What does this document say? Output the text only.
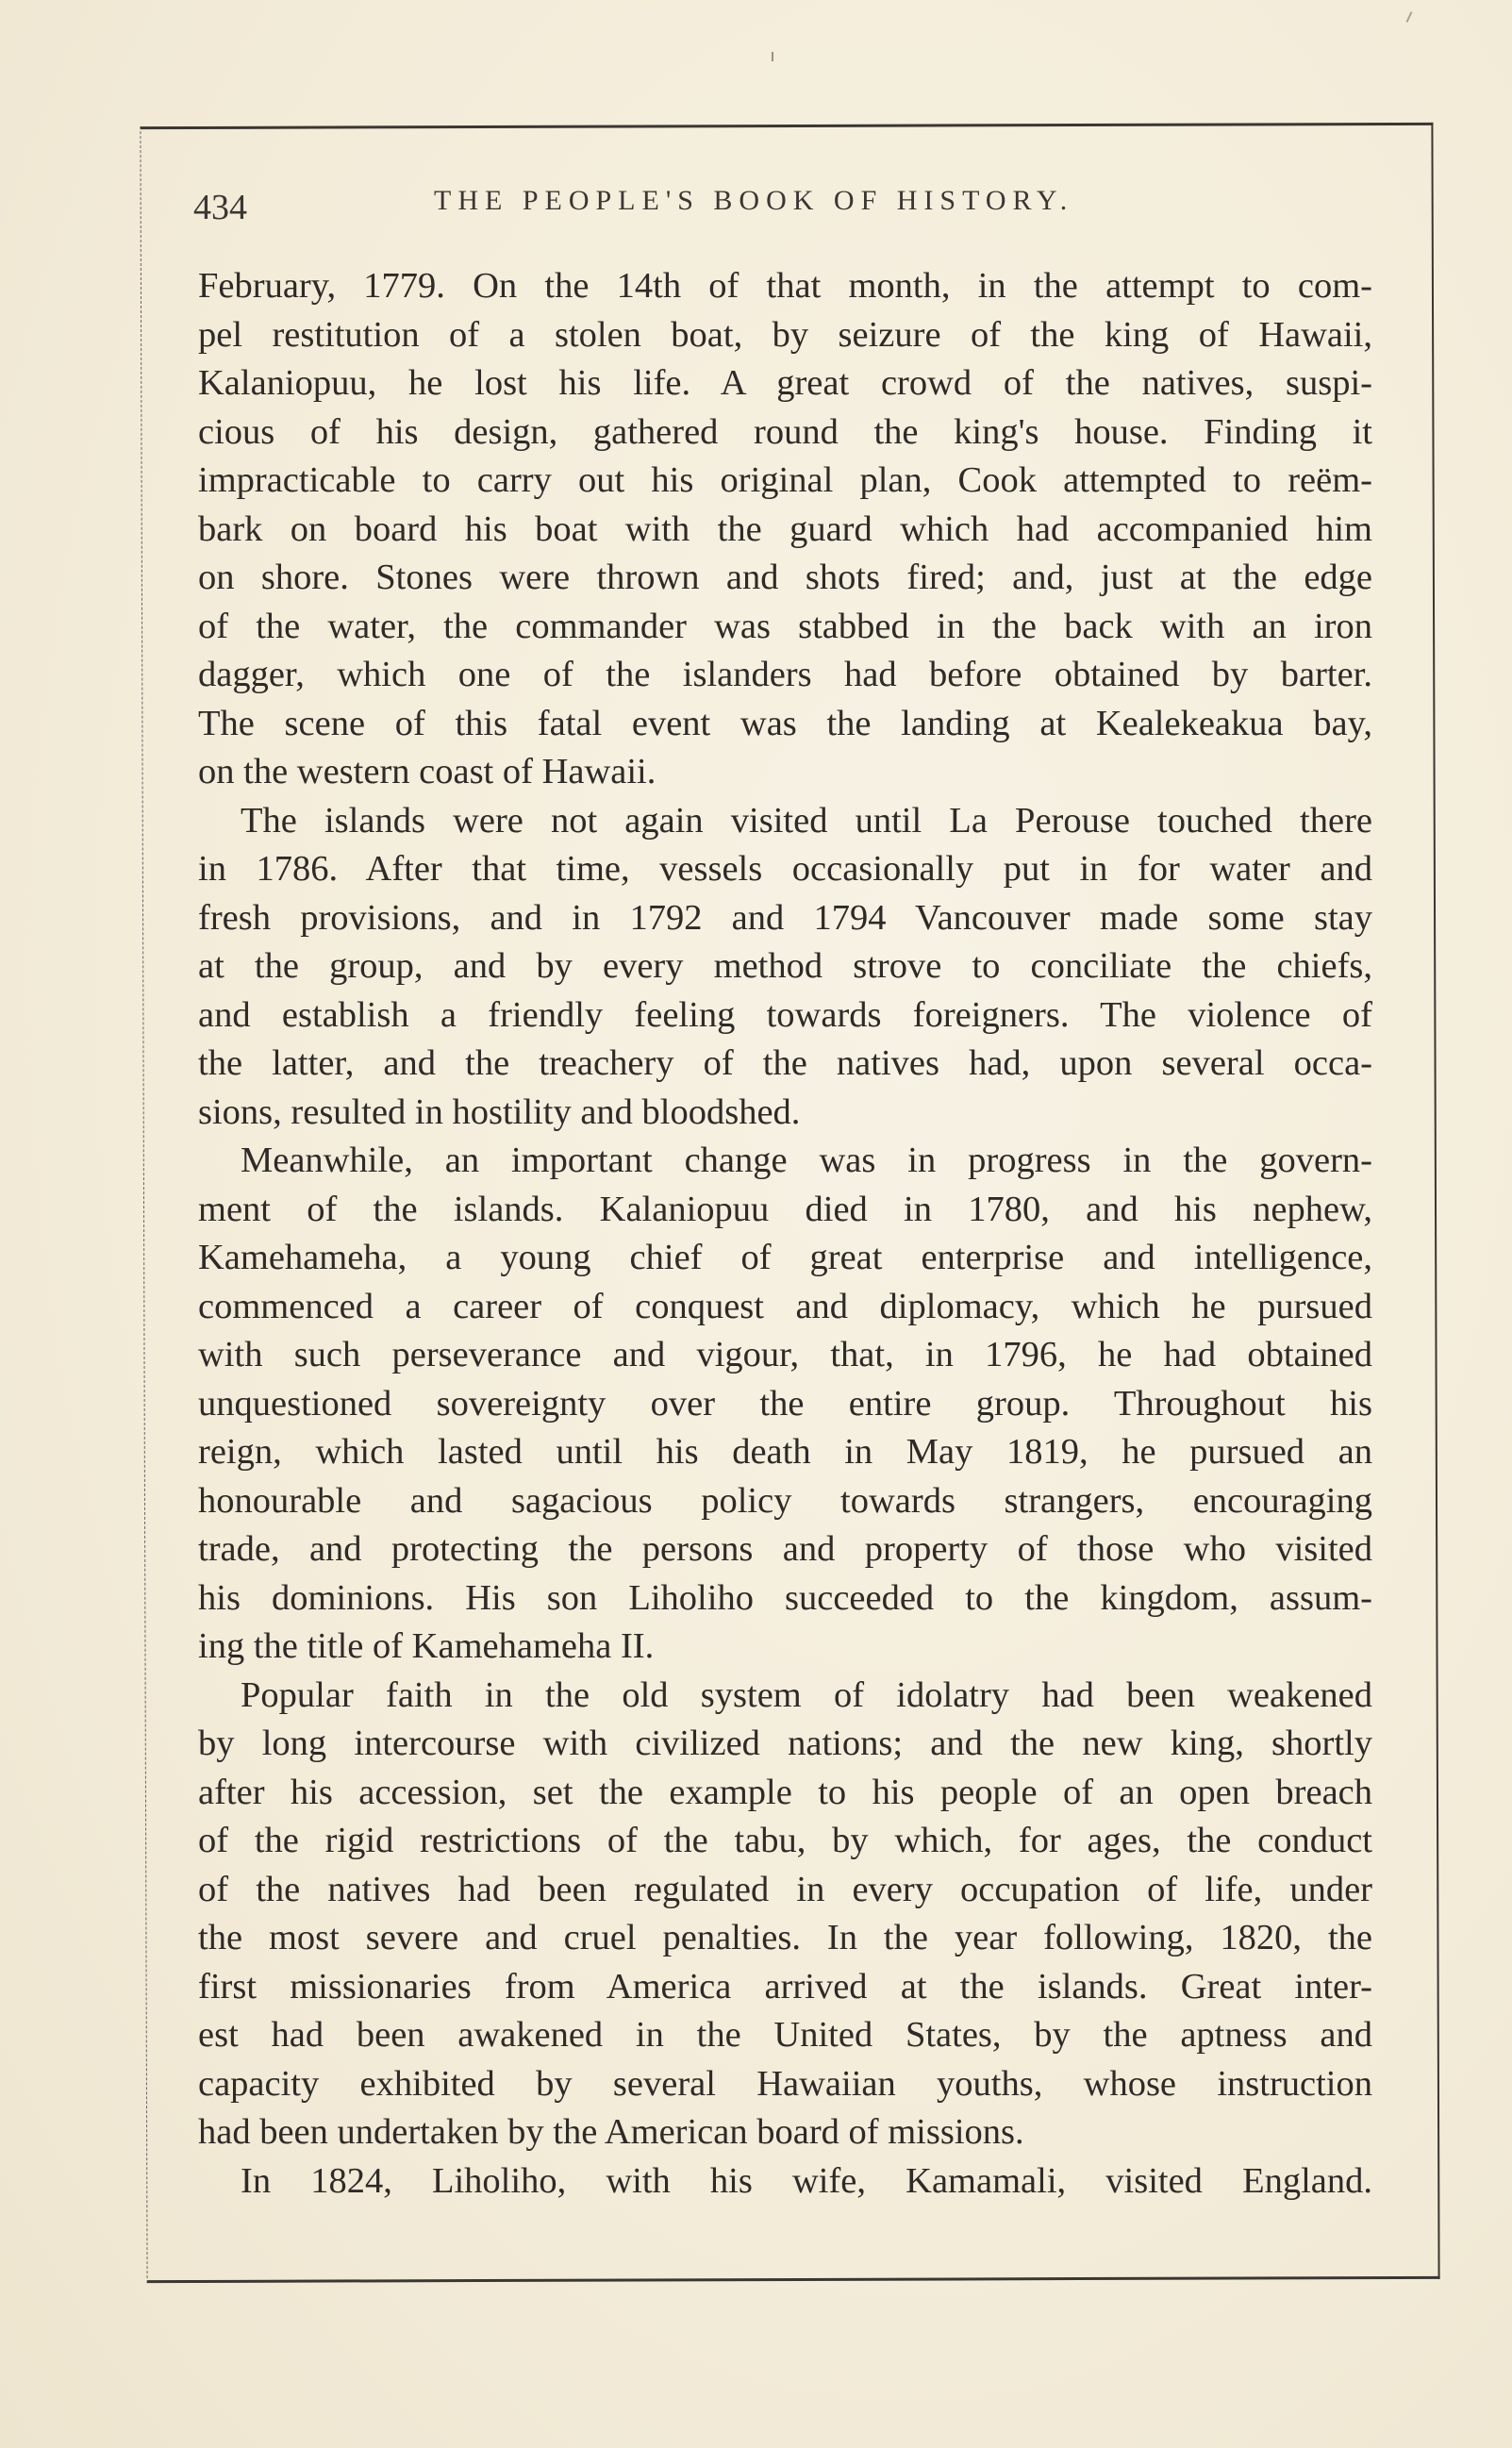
434	THE PEOPLE'S BOOK OF HISTORY.
February, 1779. On the 14th of that month, in the attempt to com-
pel restitution of a stolen boat, by seizure of the king of Hawaii,
Kalaniopuu, he lost his life. A great crowd of the natives, suspi-
cious of his design, gathered round the king's house. Finding it
impracticable to carry out his original plan, Cook attempted to reëm-
bark on board his boat with the guard which had accompanied him
on shore. Stones were thrown and shots fired; and, just at the edge
of the water, the commander was stabbed in the back with an iron
dagger, which one of the islanders had before obtained by barter.
The scene of this fatal event was the landing at Kealekeakua bay,
on the western coast of Hawaii.
The islands were not again visited until La Perouse touched there
in 1786. After that time, vessels occasionally put in for water and
fresh provisions, and in 1792 and 1794 Vancouver made some stay
at the group, and by every method strove to conciliate the chiefs,
and establish a friendly feeling towards foreigners. The violence of
the latter, and the treachery of the natives had, upon several occa-
sions, resulted in hostility and bloodshed.
Meanwhile, an important change was in progress in the govern-
ment of the islands. Kalaniopuu died in 1780, and his nephew,
Kamehameha, a young chief of great enterprise and intelligence,
commenced a career of conquest and diplomacy, which he pursued
with such perseverance and vigour, that, in 1796, he had obtained
unquestioned sovereignty over the entire group. Throughout his
reign, which lasted until his death in May 1819, he pursued an
honourable and sagacious policy towards strangers, encouraging
trade, and protecting the persons and property of those who visited
his dominions. His son Liholiho succeeded to the kingdom, assum-
ing the title of Kamehameha II.
Popular faith in the old system of idolatry had been weakened
by long intercourse with civilized nations; and the new king, shortly
after his accession, set the example to his people of an open breach
of the rigid restrictions of the tabu, by which, for ages, the conduct
of the natives had been regulated in every occupation of life, under
the most severe and cruel penalties. In the year following, 1820, the
first missionaries from America arrived at the islands. Great inter-
est had been awakened in the United States, by the aptness and
capacity exhibited by several Hawaiian youths, whose instruction
had been undertaken by the American board of missions.
In 1824, Liholiho, with his wife, Kamamali, visited England.
